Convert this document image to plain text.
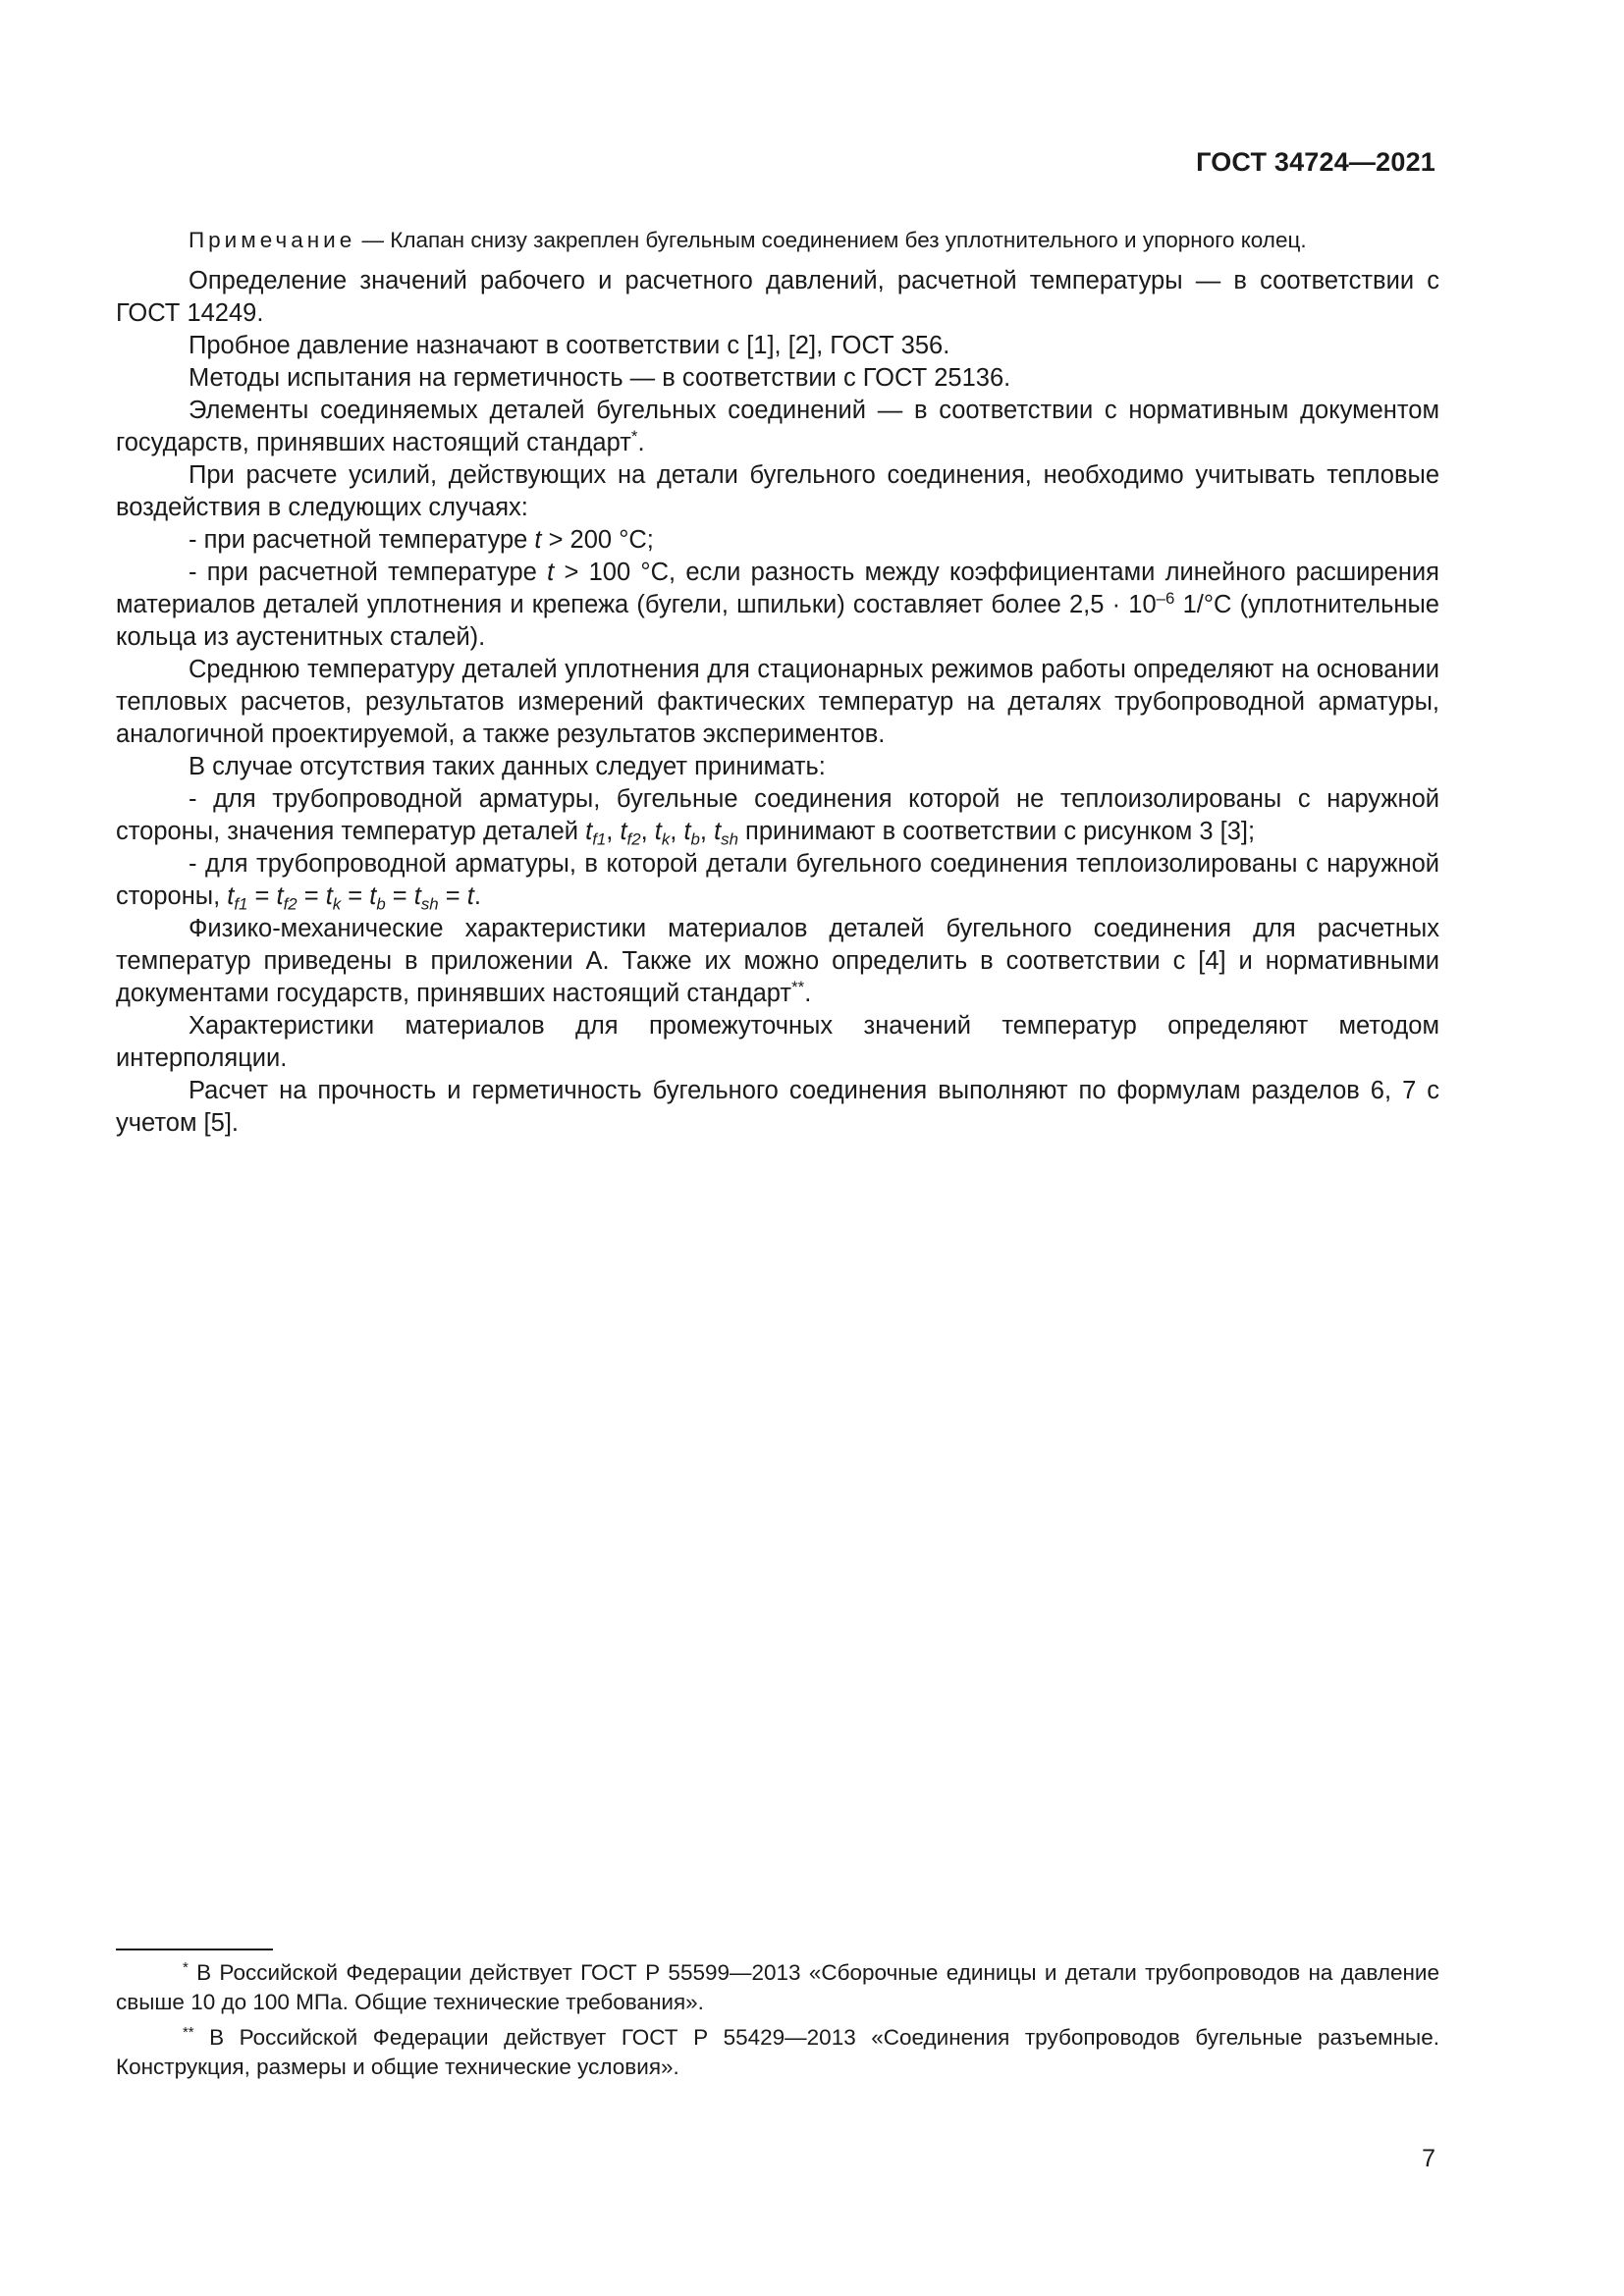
ГОСТ 34724—2021

Примечание — Клапан снизу закреплен бугельным соединением без уплотнительного и упорного колец.

Определение значений рабочего и расчетного давлений, расчетной температуры — в соответствии с ГОСТ 14249.

Пробное давление назначают в соответствии с [1], [2], ГОСТ 356.

Методы испытания на герметичность — в соответствии с ГОСТ 25136.

Элементы соединяемых деталей бугельных соединений — в соответствии с нормативным документом государств, принявших настоящий стандарт*.

При расчете усилий, действующих на детали бугельного соединения, необходимо учитывать тепловые воздействия в следующих случаях:

- при расчетной температуре t > 200 °С;

- при расчетной температуре t > 100 °С, если разность между коэффициентами линейного расширения материалов деталей уплотнения и крепежа (бугели, шпильки) составляет более $2,5 \cdot 10^{-6}$ 1/°С (уплотнительные кольца из аустенитных сталей).

Среднюю температуру деталей уплотнения для стационарных режимов работы определяют на основании тепловых расчетов, результатов измерений фактических температур на деталях трубопроводной арматуры, аналогичной проектируемой, а также результатов экспериментов.

В случае отсутствия таких данных следует принимать:

- для трубопроводной арматуры, бугельные соединения которой не теплоизолированы с наружной стороны, значения температур деталей $t_{f1}$, $t_{f2}$, $t_k$, $t_b$, $t_{sh}$ принимают в соответствии с рисунком 3 [3];

- для трубопроводной арматуры, в которой детали бугельного соединения теплоизолированы с наружной стороны, $t_{f1} = t_{f2} = t_k = t_b = t_{sh} = t$.

Физико-механические характеристики материалов деталей бугельного соединения для расчетных температур приведены в приложении А. Также их можно определить в соответствии с [4] и нормативными документами государств, принявших настоящий стандарт**.

Характеристики материалов для промежуточных значений температур определяют методом интерполяции.

Расчет на прочность и герметичность бугельного соединения выполняют по формулам разделов 6, 7 с учетом [5].

* В Российской Федерации действует ГОСТ Р 55599—2013 «Сборочные единицы и детали трубопроводов на давление свыше 10 до 100 МПа. Общие технические требования».

** В Российской Федерации действует ГОСТ Р 55429—2013 «Соединения трубопроводов бугельные разъемные. Конструкция, размеры и общие технические условия».

7
